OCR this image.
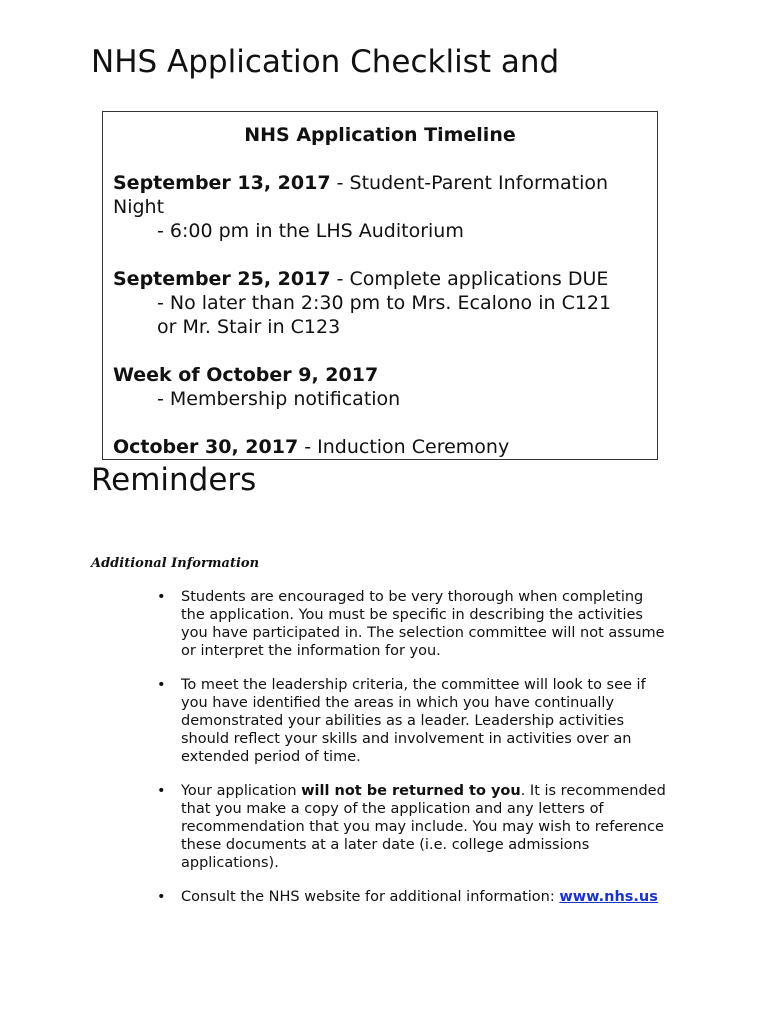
NHS Application Checklist and
NHS Application Timeline
September 13, 2017 - Student-Parent Information Night
- 6:00 pm in the LHS Auditorium
September 25, 2017 - Complete applications DUE
- No later than 2:30 pm to Mrs. Ecalono in C121
or Mr. Stair in C123
Week of October 9, 2017
- Membership notification
October 30, 2017 - Induction Ceremony
Reminders
Additional Information
• Students are encouraged to be very thorough when completing the application. You must be specific in describing the activities you have participated in. The selection committee will not assume or interpret the information for you.
• To meet the leadership criteria, the committee will look to see if you have identified the areas in which you have continually demonstrated your abilities as a leader. Leadership activities should reflect your skills and involvement in activities over an extended period of time.
• Your application will not be returned to you. It is recommended that you make a copy of the application and any letters of recommendation that you may include. You may wish to reference these documents at a later date (i.e. college admissions applications).
• Consult the NHS website for additional information: www.nhs.us
